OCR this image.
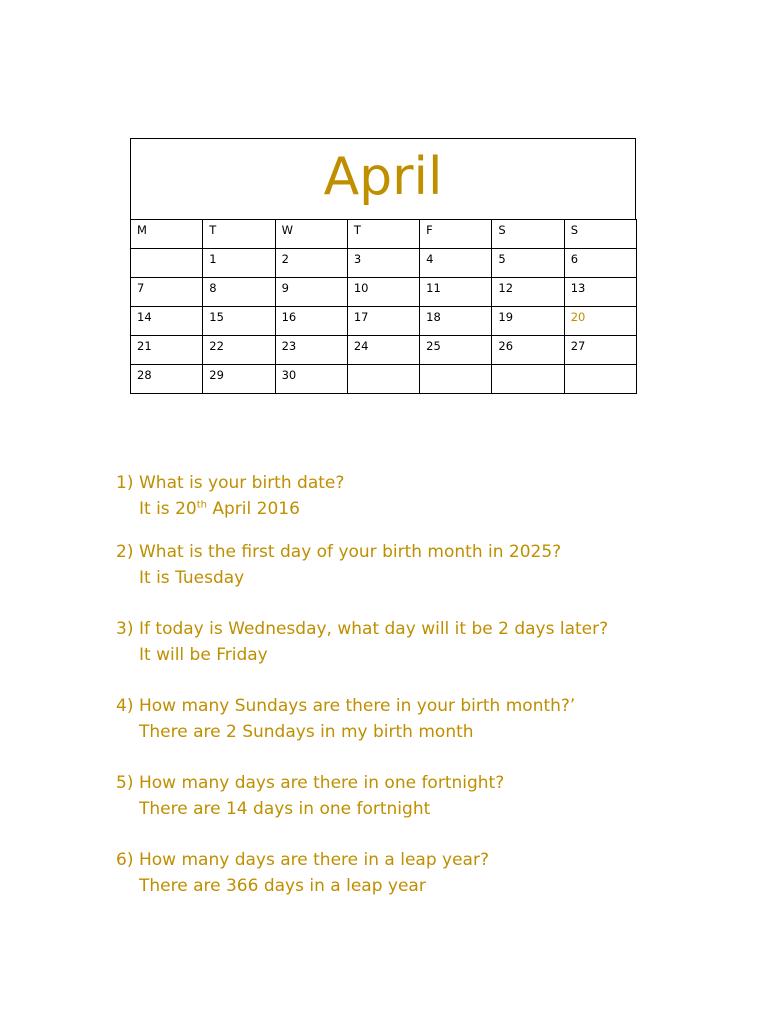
April
M	T	W	T	F	S	S
	1	2	3	4	5	6
7	8	9	10	11	12	13
14	15	16	17	18	19	20
21	22	23	24	25	26	27
28	29	30				
1) What is your birth date?
It is 20th April 2016
2) What is the first day of your birth month in 2025?
It is Tuesday
3) If today is Wednesday, what day will it be 2 days later?
It will be Friday
4) How many Sundays are there in your birth month?’
There are 2 Sundays in my birth month
5) How many days are there in one fortnight?
There are 14 days in one fortnight
6) How many days are there in a leap year?
There are 366 days in a leap year
